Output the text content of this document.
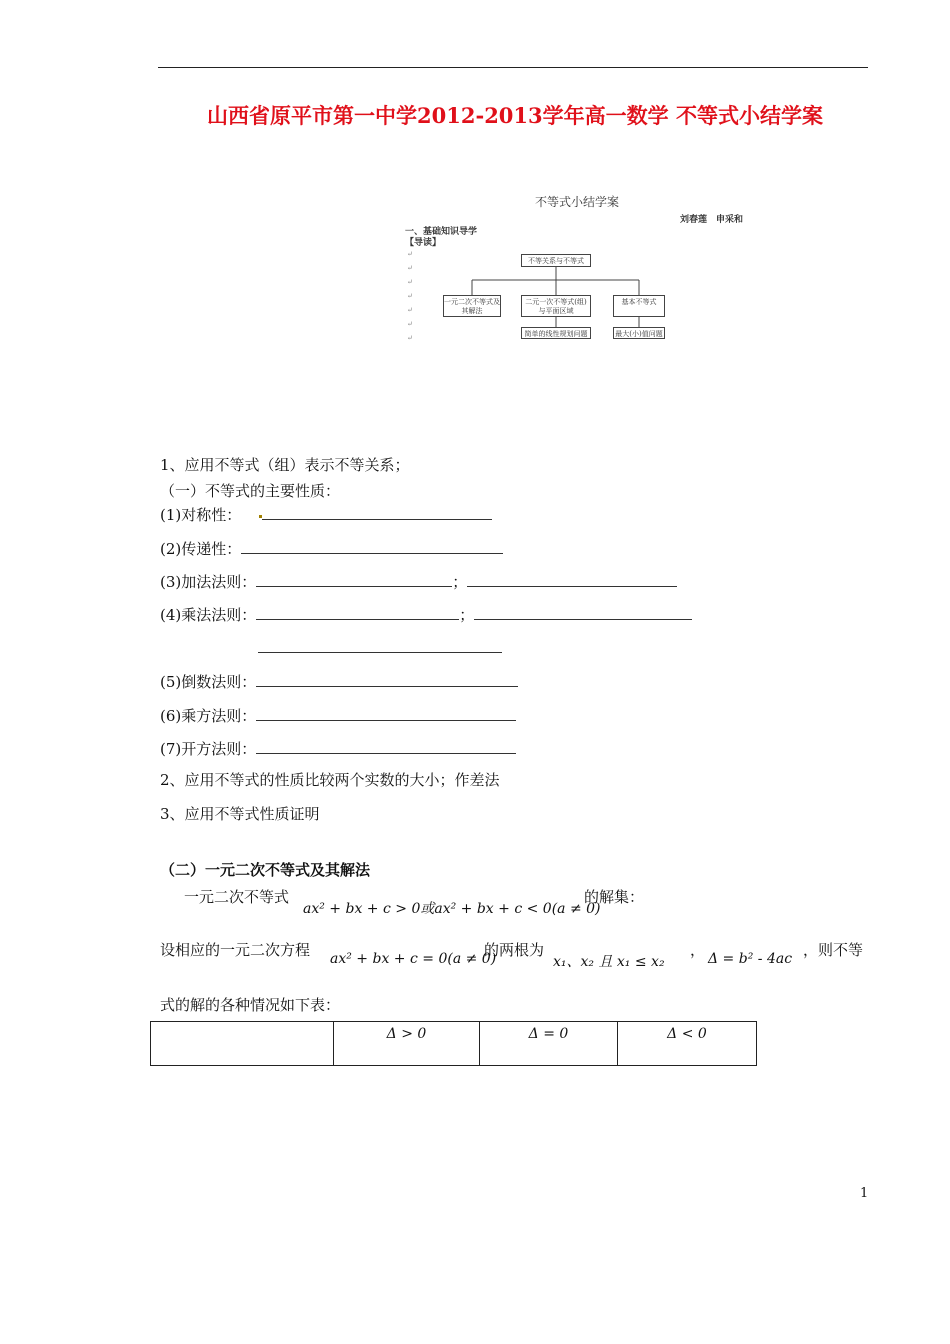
山西省原平市第一中学2012-2013学年高一数学 不等式小结学案
不等式小结学案
刘春莲　申采和
一、基础知识导学
【导读】
↵
↵
↵
↵
↵
↵
↵
不等关系与不等式
一元二次不等式及其解法
二元一次不等式(组)与平面区域
基本不等式
简单的线性规划问题	最大(小)值问题
1、应用不等式（组）表示不等关系；
（一）不等式的主要性质：
(1)对称性：
(2)传递性：
(3)加法法则：	；
(4)乘法法则：	；
(5)倒数法则：
(6)乘方法则：
(7)开方法则：
2、应用不等式的性质比较两个实数的大小；作差法
3、应用不等式性质证明
（二）一元二次不等式及其解法
一元二次不等式
ax² + bx + c > 0或ax² + bx + c < 0(a ≠ 0)
的解集：
设相应的一元二次方程 ax² + bx + c = 0(a ≠ 0)
的两根为
x₁、x₂ 且 x₁ ≤ x₂
， Δ = b² - 4ac ，则不等
式的解的各种情况如下表：
	Δ > 0	Δ = 0	Δ < 0
1
